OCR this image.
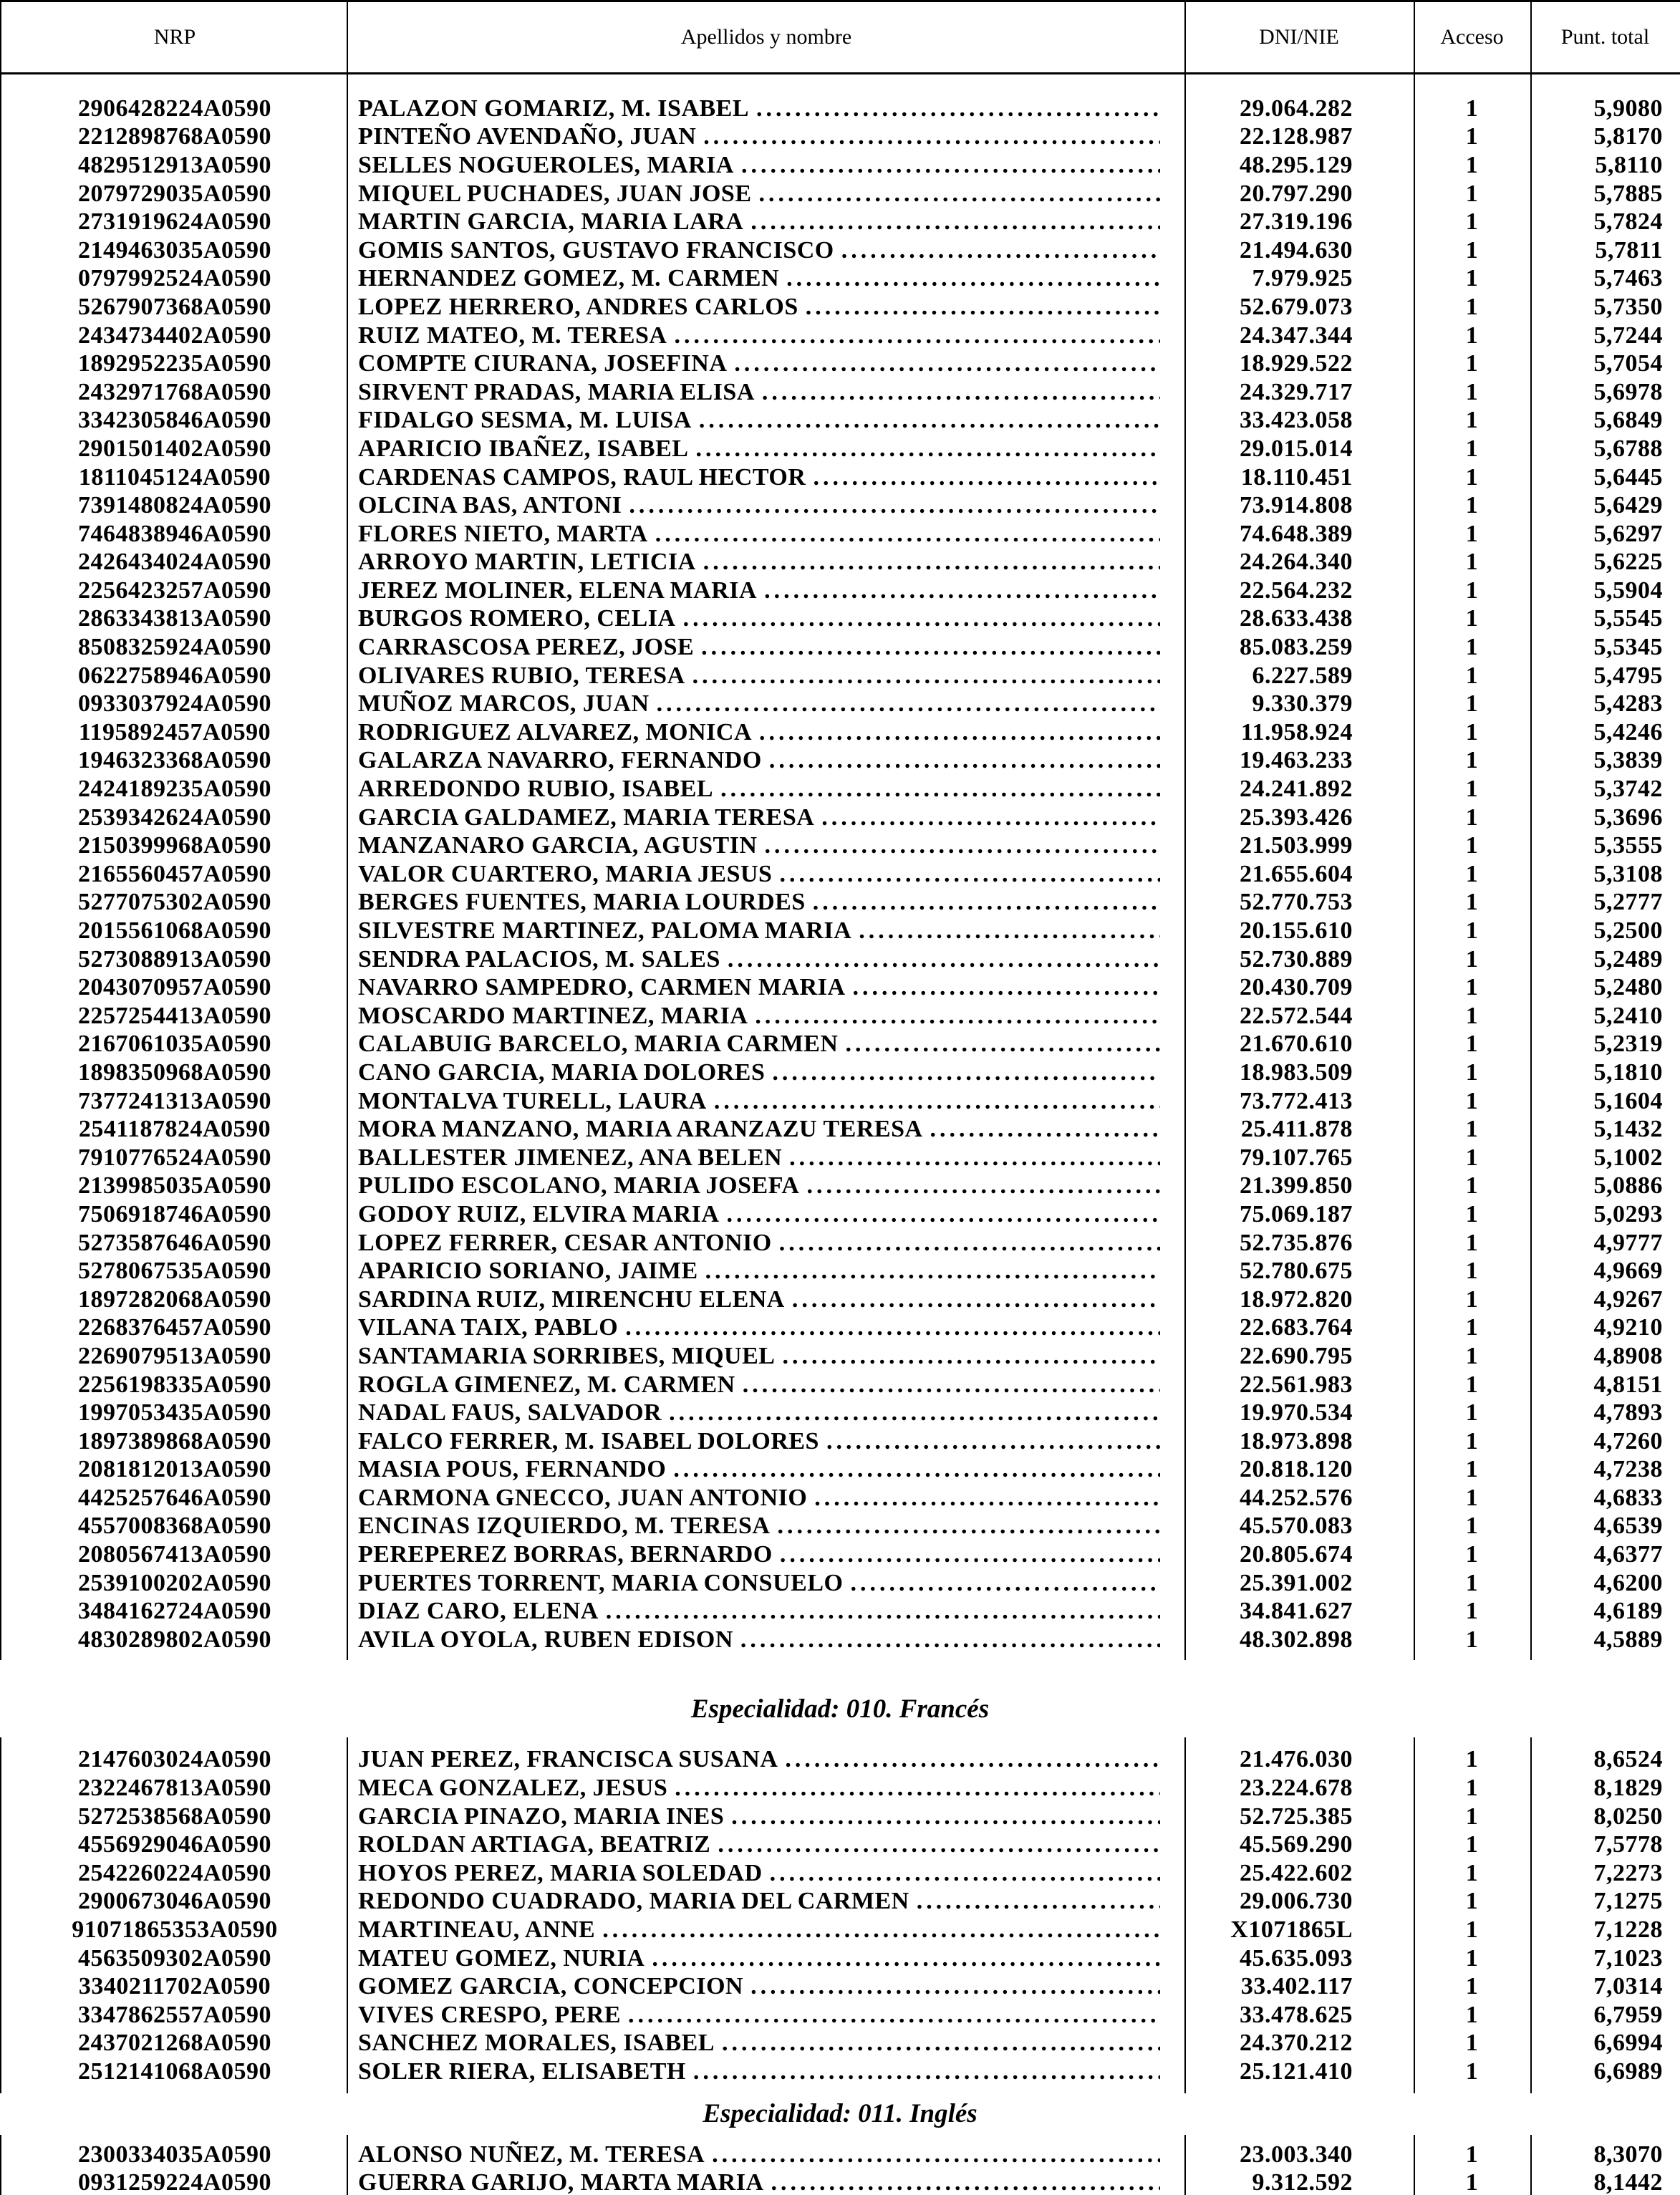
NRP	Apellidos y nombre	DNI/NIE	Acceso	Punt. total
2906428224A0590	PALAZON GOMARIZ, M. ISABEL .....	29.064.282	1	5,9080
2212898768A0590	PINTEÑO AVENDAÑO, JUAN .....	22.128.987	1	5,8170
4829512913A0590	SELLES NOGUEROLES, MARIA .....	48.295.129	1	5,8110
2079729035A0590	MIQUEL PUCHADES, JUAN JOSE .....	20.797.290	1	5,7885
2731919624A0590	MARTIN GARCIA, MARIA LARA .....	27.319.196	1	5,7824
2149463035A0590	GOMIS SANTOS, GUSTAVO FRANCISCO .....	21.494.630	1	5,7811
0797992524A0590	HERNANDEZ GOMEZ, M. CARMEN .....	7.979.925	1	5,7463
5267907368A0590	LOPEZ HERRERO, ANDRES CARLOS .....	52.679.073	1	5,7350
2434734402A0590	RUIZ MATEO, M. TERESA .....	24.347.344	1	5,7244
1892952235A0590	COMPTE CIURANA, JOSEFINA .....	18.929.522	1	5,7054
2432971768A0590	SIRVENT PRADAS, MARIA ELISA .....	24.329.717	1	5,6978
3342305846A0590	FIDALGO SESMA, M. LUISA .....	33.423.058	1	5,6849
2901501402A0590	APARICIO IBAÑEZ, ISABEL .....	29.015.014	1	5,6788
1811045124A0590	CARDENAS CAMPOS, RAUL HECTOR .....	18.110.451	1	5,6445
7391480824A0590	OLCINA BAS, ANTONI .....	73.914.808	1	5,6429
7464838946A0590	FLORES NIETO, MARTA .....	74.648.389	1	5,6297
2426434024A0590	ARROYO MARTIN, LETICIA .....	24.264.340	1	5,6225
2256423257A0590	JEREZ MOLINER, ELENA MARIA .....	22.564.232	1	5,5904
2863343813A0590	BURGOS ROMERO, CELIA .....	28.633.438	1	5,5545
8508325924A0590	CARRASCOSA PEREZ, JOSE .....	85.083.259	1	5,5345
0622758946A0590	OLIVARES RUBIO, TERESA .....	6.227.589	1	5,4795
0933037924A0590	MUÑOZ MARCOS, JUAN .....	9.330.379	1	5,4283
1195892457A0590	RODRIGUEZ ALVAREZ, MONICA .....	11.958.924	1	5,4246
1946323368A0590	GALARZA NAVARRO, FERNANDO .....	19.463.233	1	5,3839
2424189235A0590	ARREDONDO RUBIO, ISABEL .....	24.241.892	1	5,3742
2539342624A0590	GARCIA GALDAMEZ, MARIA TERESA .....	25.393.426	1	5,3696
2150399968A0590	MANZANARO GARCIA, AGUSTIN .....	21.503.999	1	5,3555
2165560457A0590	VALOR CUARTERO, MARIA JESUS .....	21.655.604	1	5,3108
5277075302A0590	BERGES FUENTES, MARIA LOURDES .....	52.770.753	1	5,2777
2015561068A0590	SILVESTRE MARTINEZ, PALOMA MARIA .....	20.155.610	1	5,2500
5273088913A0590	SENDRA PALACIOS, M. SALES .....	52.730.889	1	5,2489
2043070957A0590	NAVARRO SAMPEDRO, CARMEN MARIA .....	20.430.709	1	5,2480
2257254413A0590	MOSCARDO MARTINEZ, MARIA .....	22.572.544	1	5,2410
2167061035A0590	CALABUIG BARCELO, MARIA CARMEN .....	21.670.610	1	5,2319
1898350968A0590	CANO GARCIA, MARIA DOLORES .....	18.983.509	1	5,1810
7377241313A0590	MONTALVA TURELL, LAURA .....	73.772.413	1	5,1604
2541187824A0590	MORA MANZANO, MARIA ARANZAZU TERESA .....	25.411.878	1	5,1432
7910776524A0590	BALLESTER JIMENEZ, ANA BELEN .....	79.107.765	1	5,1002
2139985035A0590	PULIDO ESCOLANO, MARIA JOSEFA .....	21.399.850	1	5,0886
7506918746A0590	GODOY RUIZ, ELVIRA MARIA .....	75.069.187	1	5,0293
5273587646A0590	LOPEZ FERRER, CESAR ANTONIO .....	52.735.876	1	4,9777
5278067535A0590	APARICIO SORIANO, JAIME .....	52.780.675	1	4,9669
1897282068A0590	SARDINA RUIZ, MIRENCHU ELENA .....	18.972.820	1	4,9267
2268376457A0590	VILANA TAIX, PABLO .....	22.683.764	1	4,9210
2269079513A0590	SANTAMARIA SORRIBES, MIQUEL .....	22.690.795	1	4,8908
2256198335A0590	ROGLA GIMENEZ, M. CARMEN .....	22.561.983	1	4,8151
1997053435A0590	NADAL FAUS, SALVADOR .....	19.970.534	1	4,7893
1897389868A0590	FALCO FERRER, M. ISABEL DOLORES .....	18.973.898	1	4,7260
2081812013A0590	MASIA POUS, FERNANDO .....	20.818.120	1	4,7238
4425257646A0590	CARMONA GNECCO, JUAN ANTONIO .....	44.252.576	1	4,6833
4557008368A0590	ENCINAS IZQUIERDO, M. TERESA .....	45.570.083	1	4,6539
2080567413A0590	PEREPEREZ BORRAS, BERNARDO .....	20.805.674	1	4,6377
2539100202A0590	PUERTES TORRENT, MARIA CONSUELO .....	25.391.002	1	4,6200
3484162724A0590	DIAZ CARO, ELENA .....	34.841.627	1	4,6189
4830289802A0590	AVILA OYOLA, RUBEN EDISON .....	48.302.898	1	4,5889
Especialidad: 010. Francés
2147603024A0590	JUAN PEREZ, FRANCISCA SUSANA .....	21.476.030	1	8,6524
2322467813A0590	MECA GONZALEZ, JESUS .....	23.224.678	1	8,1829
5272538568A0590	GARCIA PINAZO, MARIA INES .....	52.725.385	1	8,0250
4556929046A0590	ROLDAN ARTIAGA, BEATRIZ .....	45.569.290	1	7,5778
2542260224A0590	HOYOS PEREZ, MARIA SOLEDAD .....	25.422.602	1	7,2273
2900673046A0590	REDONDO CUADRADO, MARIA DEL CARMEN .....	29.006.730	1	7,1275
91071865353A0590	MARTINEAU, ANNE .....	X1071865L	1	7,1228
4563509302A0590	MATEU GOMEZ, NURIA .....	45.635.093	1	7,1023
3340211702A0590	GOMEZ GARCIA, CONCEPCION .....	33.402.117	1	7,0314
3347862557A0590	VIVES CRESPO, PERE .....	33.478.625	1	6,7959
2437021268A0590	SANCHEZ MORALES, ISABEL .....	24.370.212	1	6,6994
2512141068A0590	SOLER RIERA, ELISABETH .....	25.121.410	1	6,6989
Especialidad: 011. Inglés
2300334035A0590	ALONSO NUÑEZ, M. TERESA .....	23.003.340	1	8,3070
0931259224A0590	GUERRA GARIJO, MARTA MARIA .....	9.312.592	1	8,1442
